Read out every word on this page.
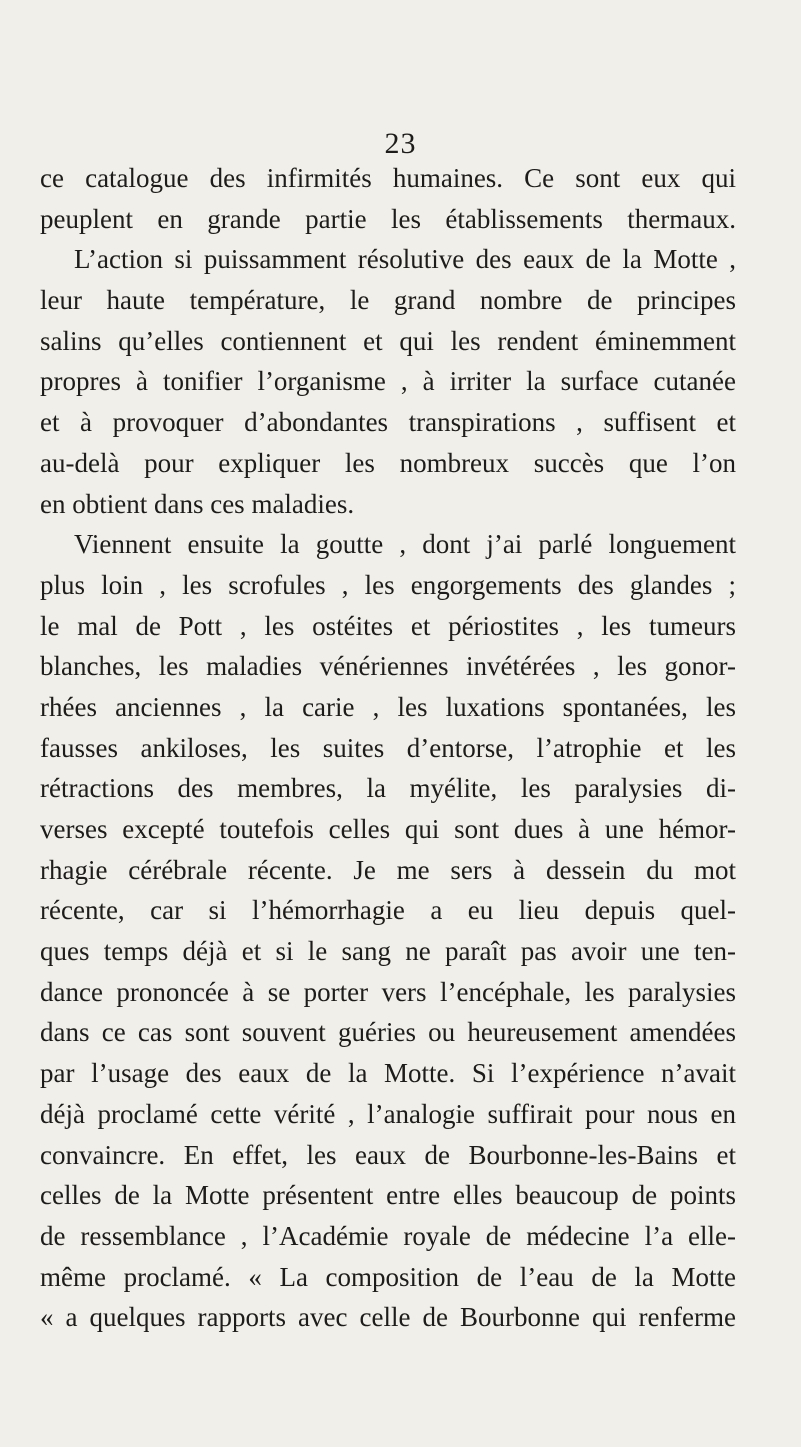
23
ce catalogue des infirmités humaines. Ce sont eux qui
peuplent en grande partie les établissements thermaux.
L’action si puissamment résolutive des eaux de la Motte ,
leur haute température, le grand nombre de principes
salins qu’elles contiennent et qui les rendent éminemment
propres à tonifier l’organisme , à irriter la surface cutanée
et à provoquer d’abondantes transpirations , suffisent et
au-delà pour expliquer les nombreux succès que l’on
en obtient dans ces maladies.
Viennent ensuite la goutte , dont j’ai parlé longuement
plus loin , les scrofules , les engorgements des glandes ;
le mal de Pott , les ostéites et périostites , les tumeurs
blanches, les maladies vénériennes invétérées , les gonor-
rhées anciennes , la carie , les luxations spontanées, les
fausses ankiloses, les suites d’entorse, l’atrophie et les
rétractions des membres, la myélite, les paralysies di-
verses excepté toutefois celles qui sont dues à une hémor-
rhagie cérébrale récente. Je me sers à dessein du mot
récente, car si l’hémorrhagie a eu lieu depuis quel-
ques temps déjà et si le sang ne paraît pas avoir une ten-
dance prononcée à se porter vers l’encéphale, les paralysies
dans ce cas sont souvent guéries ou heureusement amendées
par l’usage des eaux de la Motte. Si l’expérience n’avait
déjà proclamé cette vérité , l’analogie suffirait pour nous en
convaincre. En effet, les eaux de Bourbonne-les-Bains et
celles de la Motte présentent entre elles beaucoup de points
de ressemblance , l’Académie royale de médecine l’a elle-
même proclamé. « La composition de l’eau de la Motte
« a quelques rapports avec celle de Bourbonne qui renferme
